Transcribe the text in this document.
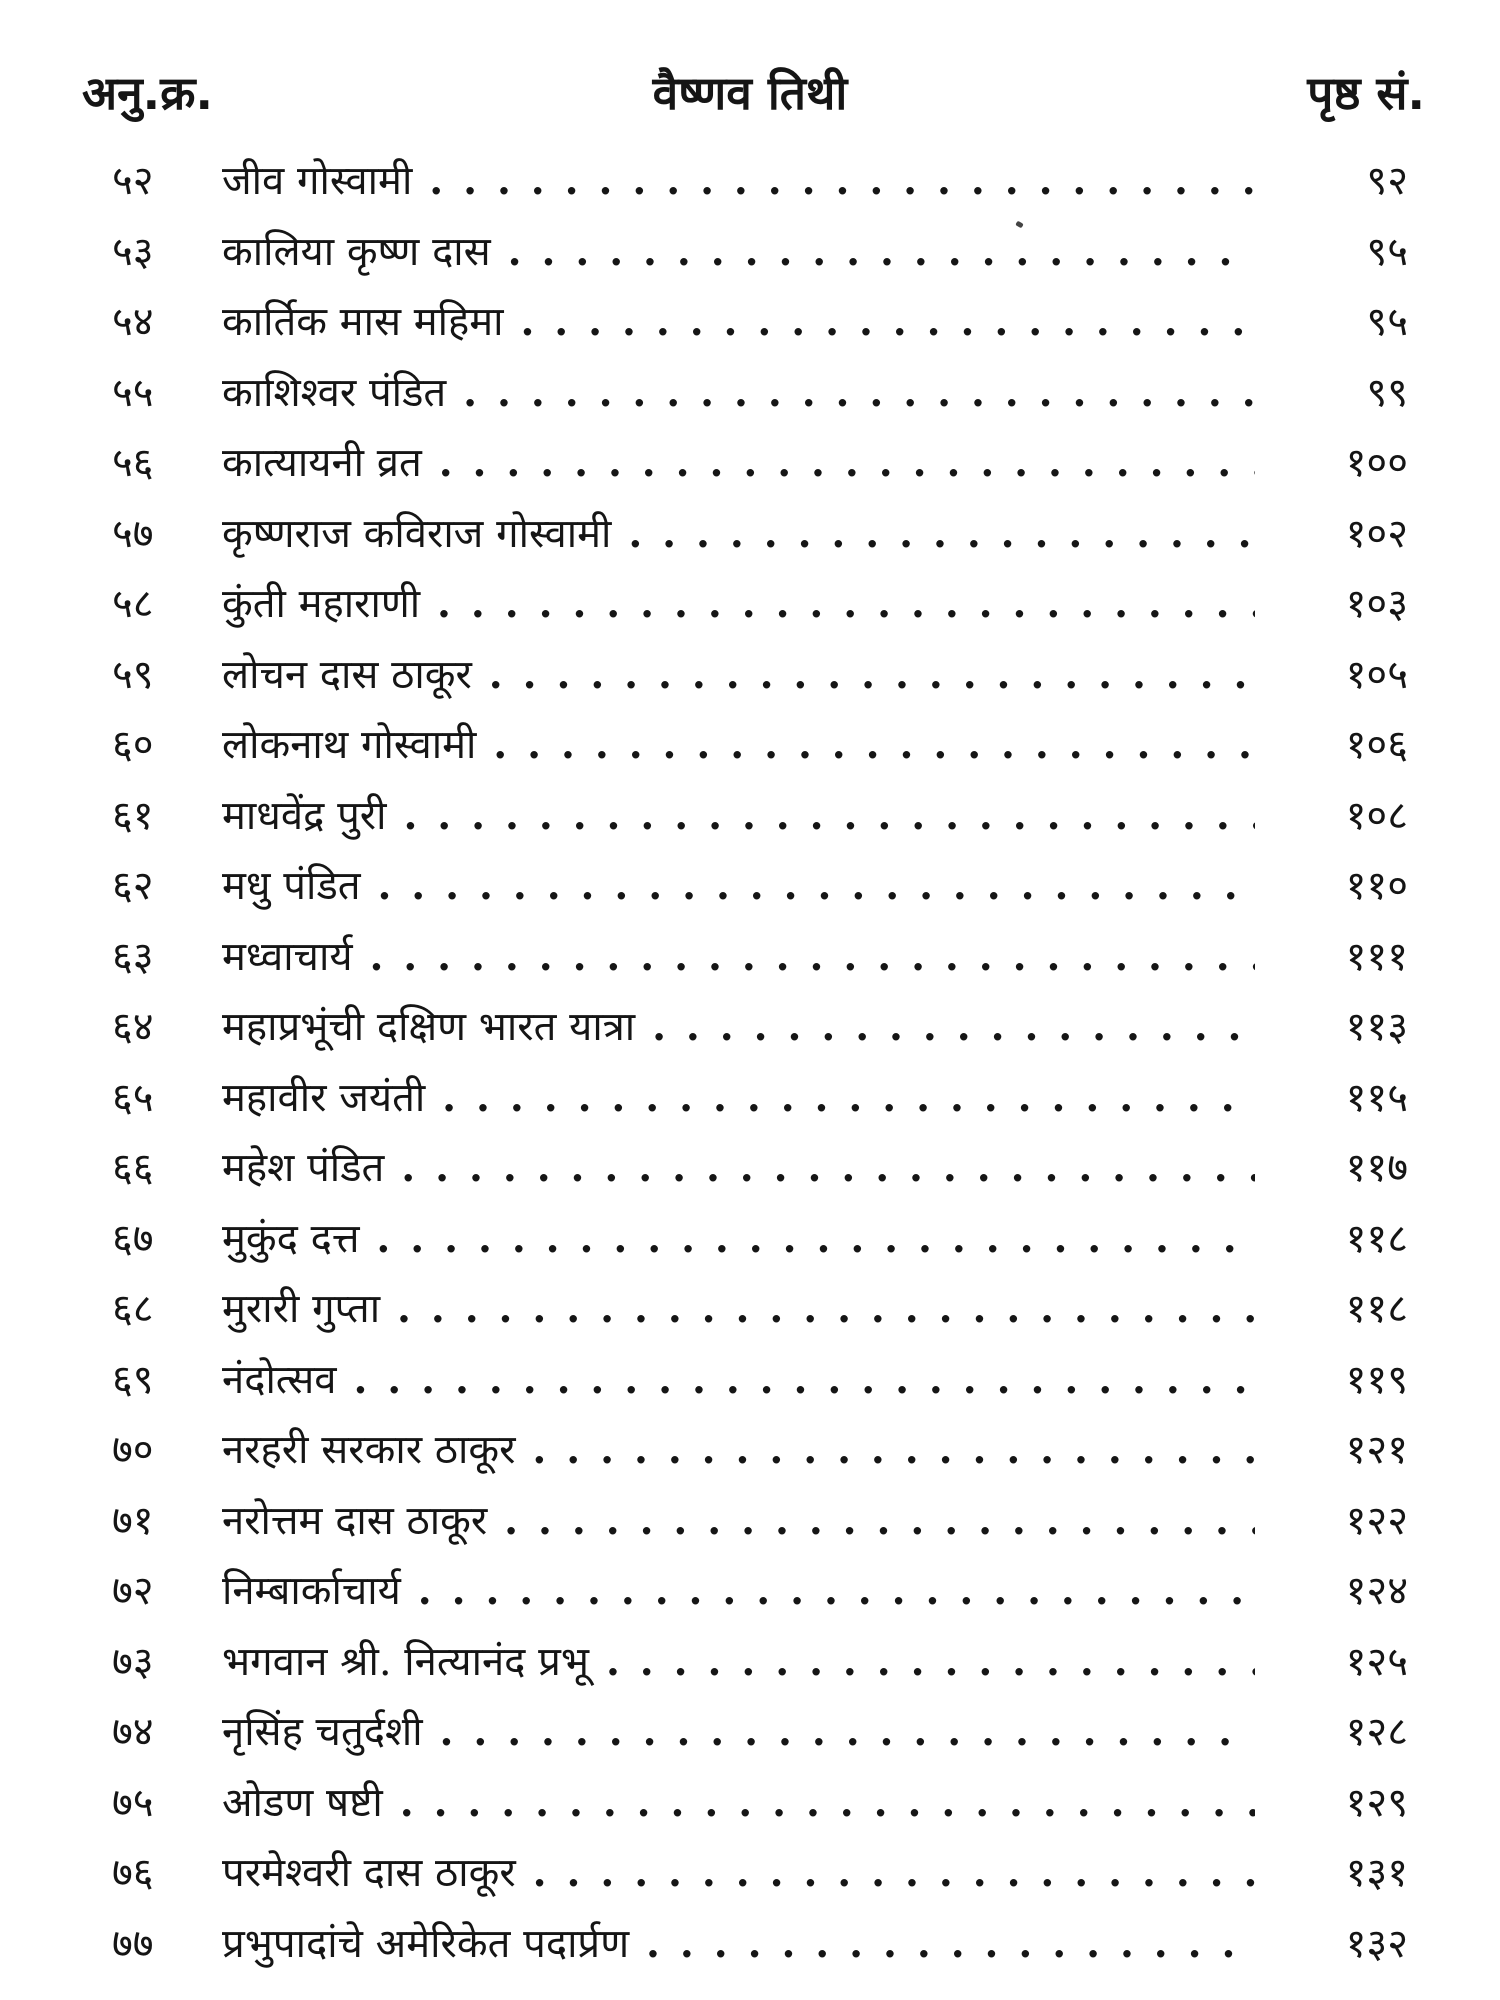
अनु.क्र.	वैष्णव तिथी	पृष्ठ सं.
५२	जीव गोस्वामी . . .	९२
५३	कालिया कृष्ण दास . . .	९५
५४	कार्तिक मास महिमा . . .	९५
५५	काशिश्वर पंडित . . .	९९
५६	कात्यायनी व्रत . . .	१००
५७	कृष्णराज कविराज गोस्वामी . . .	१०२
५८	कुंती महाराणी . . .	१०३
५९	लोचन दास ठाकूर . . .	१०५
६०	लोकनाथ गोस्वामी . . .	१०६
६१	माधवेंद्र पुरी . . .	१०८
६२	मधु पंडित . . .	११०
६३	मध्वाचार्य . . .	१११
६४	महाप्रभूंची दक्षिण भारत यात्रा . . .	११३
६५	महावीर जयंती . . .	११५
६६	महेश पंडित . . .	११७
६७	मुकुंद दत्त . . .	११८
६८	मुरारी गुप्ता . . .	११८
६९	नंदोत्सव . . .	११९
७०	नरहरी सरकार ठाकूर . . .	१२१
७१	नरोत्तम दास ठाकूर . . .	१२२
७२	निम्बार्काचार्य . . .	१२४
७३	भगवान श्री. नित्यानंद प्रभू . . .	१२५
७४	नृसिंह चतुर्दशी . . .	१२८
७५	ओडण षष्टी . . .	१२९
७६	परमेश्वरी दास ठाकूर . . .	१३१
७७	प्रभुपादांचे अमेरिकेत पदार्प्रण . . .	१३२
